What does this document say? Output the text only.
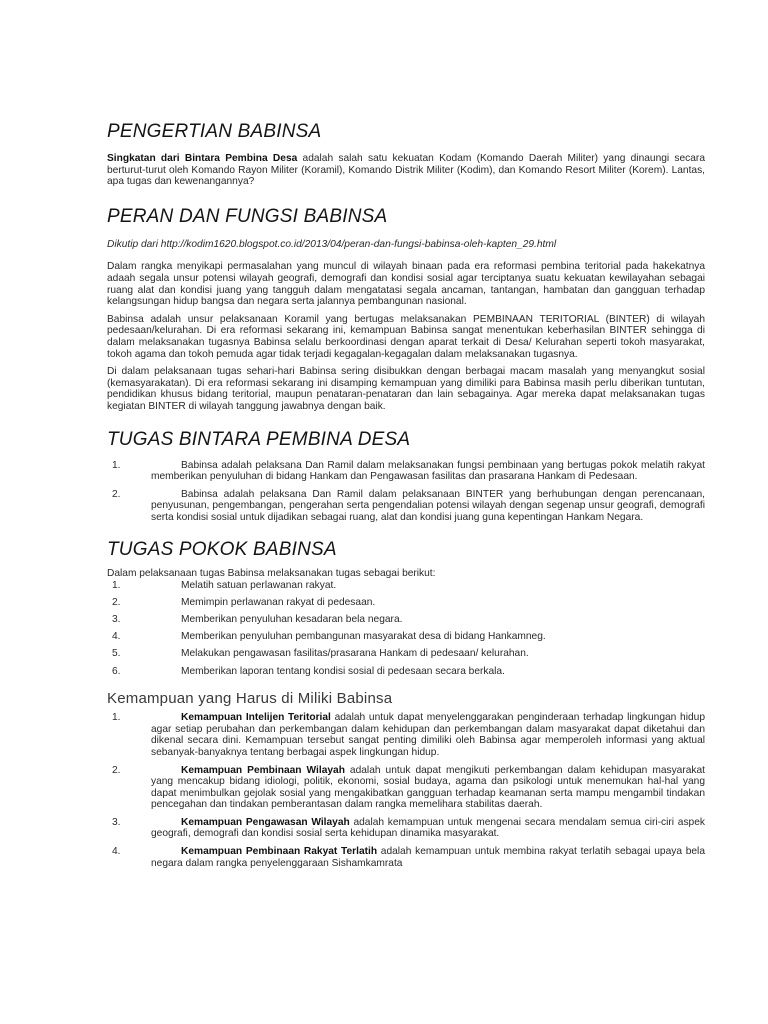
PENGERTIAN BABINSA

Singkatan dari Bintara Pembina Desa adalah salah satu kekuatan Kodam (Komando Daerah Militer) yang dinaungi secara berturut-turut oleh Komando Rayon Militer (Koramil), Komando Distrik Militer (Kodim), dan Komando Resort Militer (Korem). Lantas, apa tugas dan kewenangannya?

PERAN DAN FUNGSI BABINSA

Dikutip dari http://kodim1620.blogspot.co.id/2013/04/peran-dan-fungsi-babinsa-oleh-kapten_29.html

Dalam rangka menyikapi permasalahan yang muncul di wilayah binaan pada era reformasi pembina teritorial pada hakekatnya adaah segala unsur potensi wilayah geografi, demografi dan kondisi sosial agar terciptanya suatu kekuatan kewilayahan sebagai ruang alat dan kondisi juang yang tangguh dalam mengatatasi segala ancaman, tantangan, hambatan dan gangguan terhadap kelangsungan hidup bangsa dan negara serta jalannya pembangunan nasional.

Babinsa adalah unsur pelaksanaan Koramil yang bertugas melaksanakan PEMBINAAN TERITORIAL (BINTER) di wilayah pedesaan/kelurahan. Di era reformasi sekarang ini, kemampuan Babinsa sangat menentukan keberhasilan BINTER sehingga di dalam melaksanakan tugasnya Babinsa selalu berkoordinasi dengan aparat terkait di Desa/ Kelurahan seperti tokoh masyarakat, tokoh agama dan tokoh pemuda agar tidak terjadi kegagalan-kegagalan dalam melaksanakan tugasnya.

Di dalam pelaksanaan tugas sehari-hari Babinsa sering disibukkan dengan berbagai macam masalah yang menyangkut sosial (kemasyarakatan). Di era reformasi sekarang ini disamping kemampuan yang dimiliki para Babinsa masih perlu diberikan tuntutan, pendidikan khusus bidang teritorial, maupun penataran-penataran dan lain sebagainya. Agar mereka dapat melaksanakan tugas kegiatan BINTER di wilayah tanggung jawabnya dengan baik.

TUGAS BINTARA PEMBINA DESA
1.	Babinsa adalah pelaksana Dan Ramil dalam melaksanakan fungsi pembinaan yang bertugas pokok melatih rakyat memberikan penyuluhan di bidang Hankam dan Pengawasan fasilitas dan prasarana Hankam di Pedesaan.
2.	Babinsa adalah pelaksana Dan Ramil dalam pelaksanaan BINTER yang berhubungan dengan perencanaan, penyusunan, pengembangan, pengerahan serta pengendalian potensi wilayah dengan segenap unsur geografi, demografi serta kondisi sosial untuk dijadikan sebagai ruang, alat dan kondisi juang guna kepentingan Hankam Negara.
TUGAS POKOK BABINSA

Dalam pelaksanaan tugas Babinsa melaksanakan tugas sebagai berikut:

1.	Melatih satuan perlawanan rakyat.
2.	Memimpin perlawanan rakyat di pedesaan.
3.	Memberikan penyuluhan kesadaran bela negara.
4.	Memberikan penyuluhan pembangunan masyarakat desa di bidang Hankamneg.
5.	Melakukan pengawasan fasilitas/prasarana Hankam di pedesaan/ kelurahan.
6.	Memberikan laporan tentang kondisi sosial di pedesaan secara berkala.
Kemampuan yang Harus di Miliki Babinsa
1.	Kemampuan Intelijen Teritorial adalah untuk dapat menyelenggarakan penginderaan terhadap lingkungan hidup agar setiap perubahan dan perkembangan dalam kehidupan dan perkembangan dalam masyarakat dapat diketahui dan dikenal secara dini. Kemampuan tersebut sangat penting dimiliki oleh Babinsa agar memperoleh informasi yang aktual sebanyak-banyaknya tentang berbagai aspek lingkungan hidup.
2.	Kemampuan Pembinaan Wilayah adalah untuk dapat mengikuti perkembangan dalam kehidupan masyarakat yang mencakup bidang idiologi, politik, ekonomi, sosial budaya, agama dan psikologi untuk menemukan hal-hal yang dapat menimbulkan gejolak sosial yang mengakibatkan gangguan terhadap keamanan serta mampu mengambil tindakan pencegahan dan tindakan pemberantasan dalam rangka memelihara stabilitas daerah.
3.	Kemampuan Pengawasan Wilayah adalah kemampuan untuk mengenai secara mendalam semua ciri-ciri aspek geografi, demografi dan kondisi sosial serta kehidupan dinamika masyarakat.
4.	Kemampuan Pembinaan Rakyat Terlatih adalah kemampuan untuk membina rakyat terlatih sebagai upaya bela negara dalam rangka penyelenggaraan Sishamkamrata
